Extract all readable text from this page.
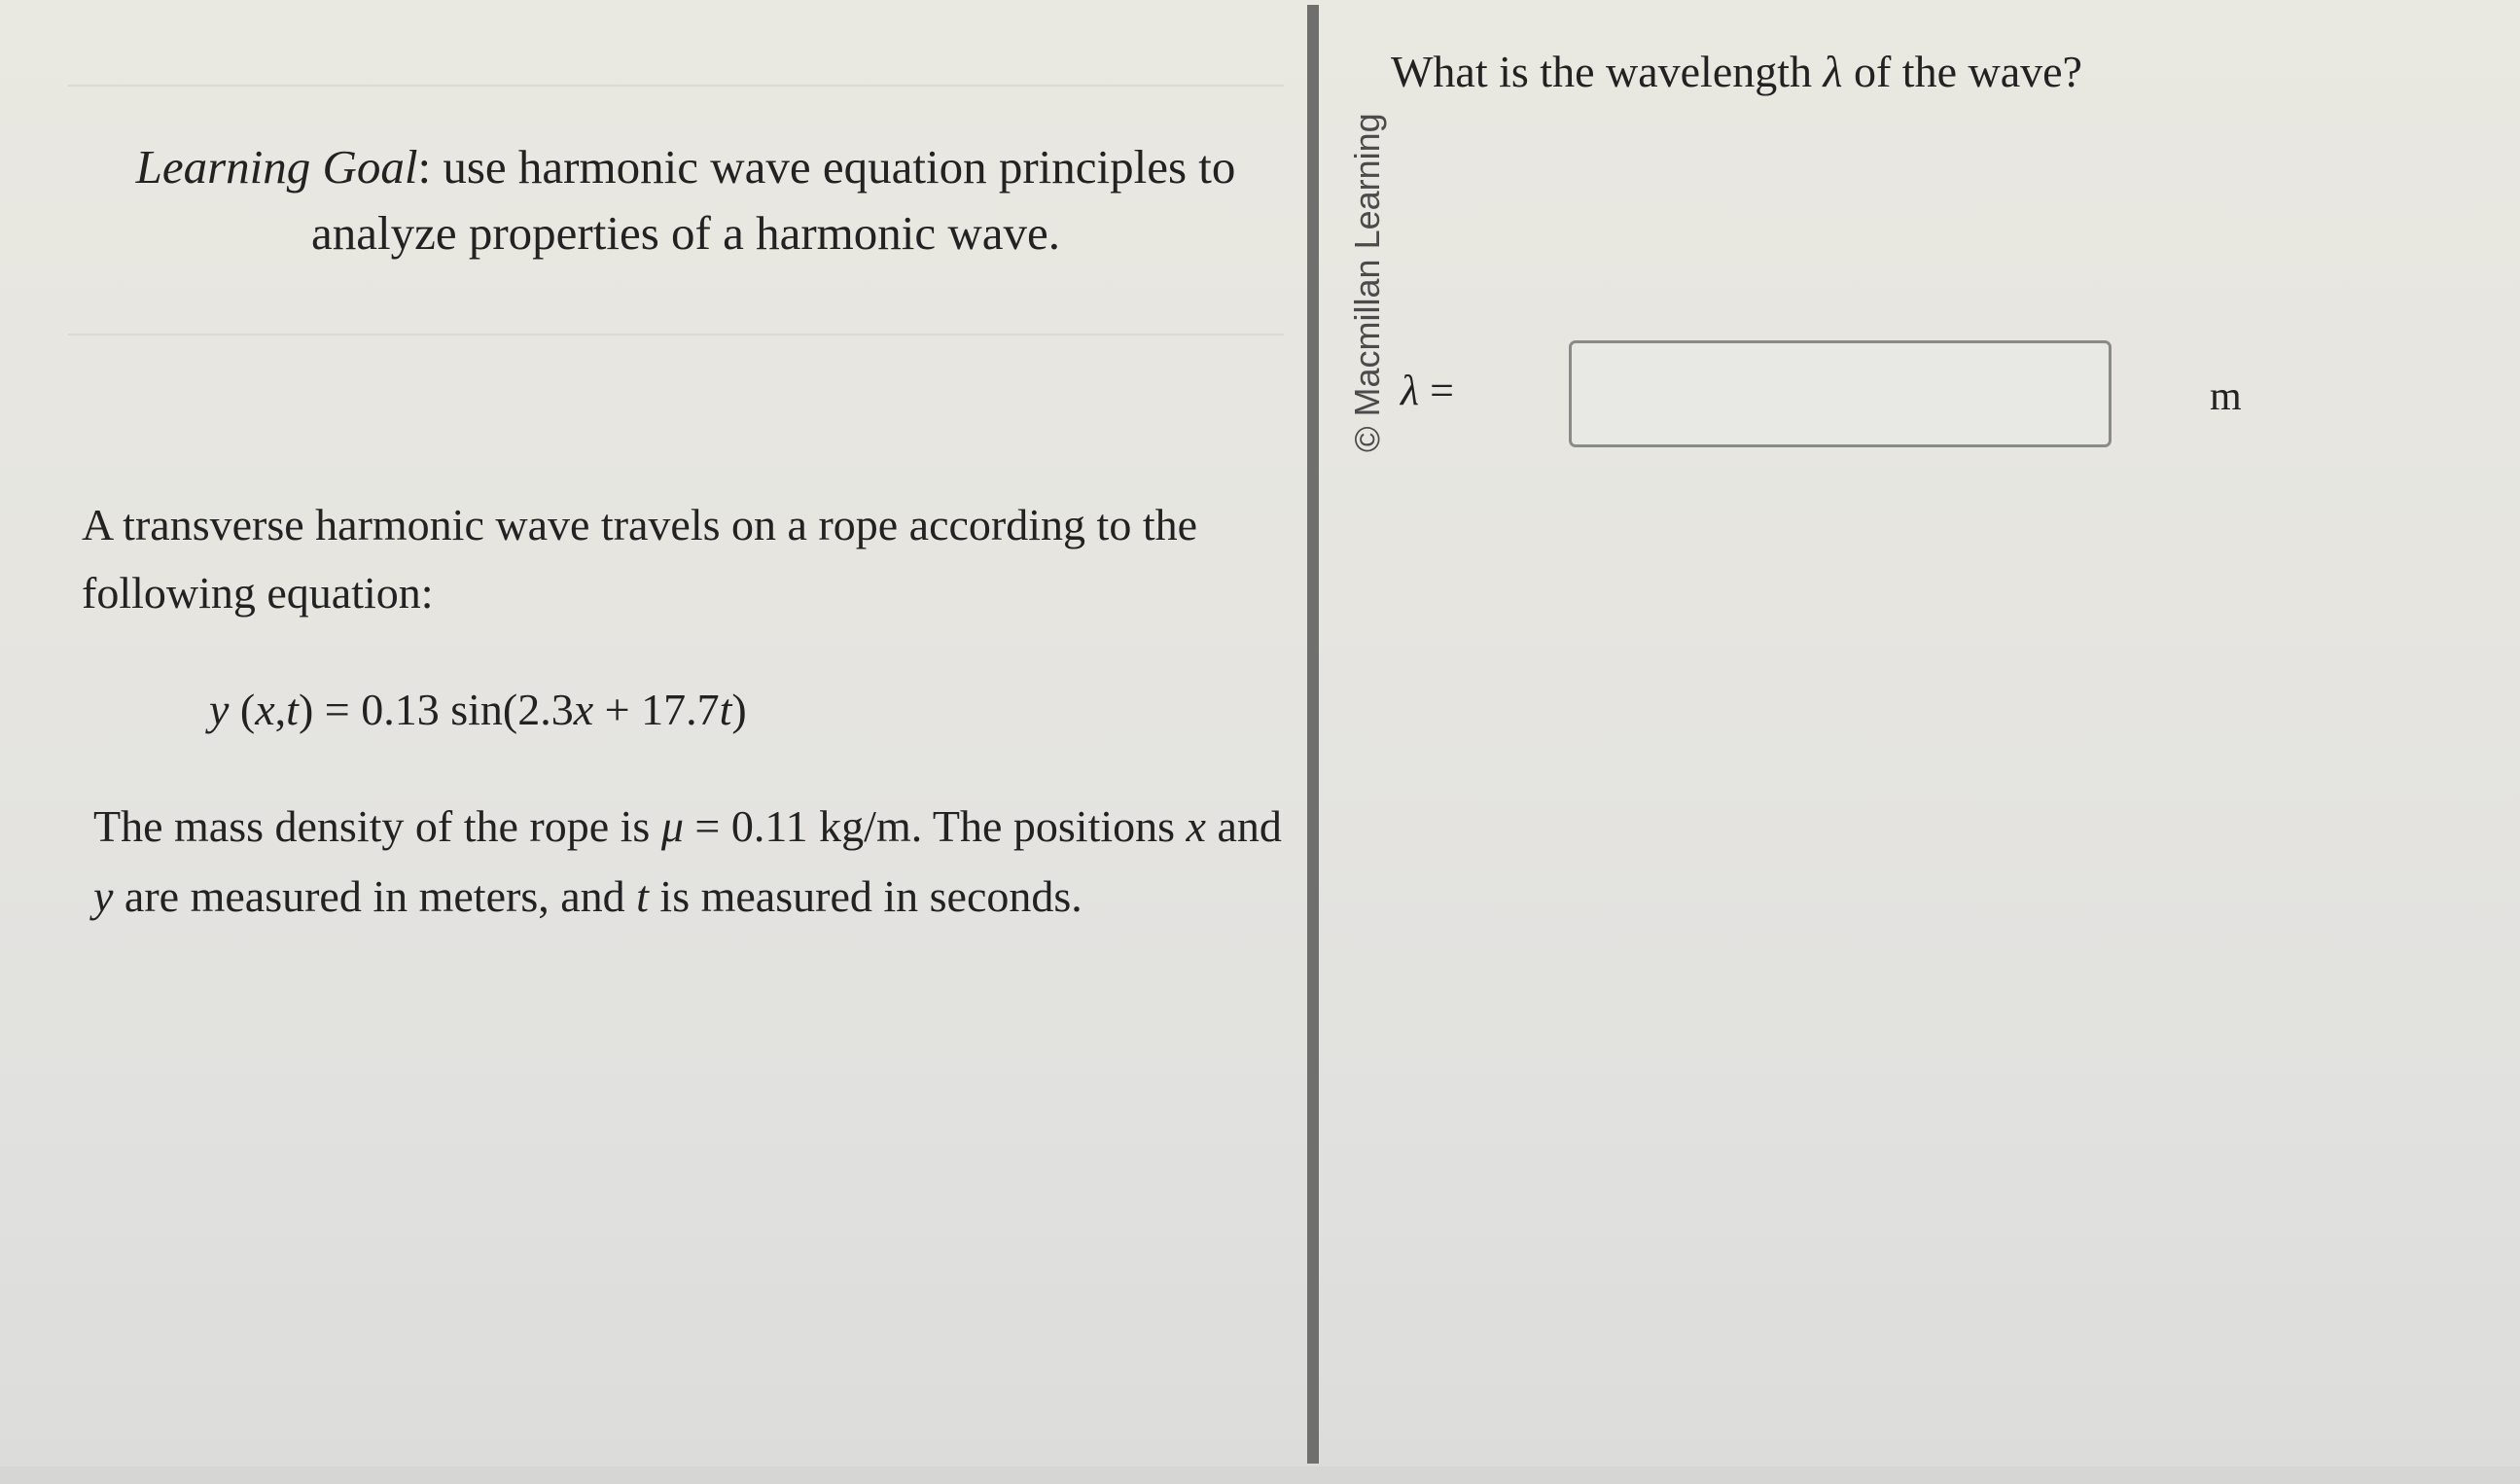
Learning Goal: use harmonic wave equation principles to
analyze properties of a harmonic wave.
A transverse harmonic wave travels on a rope according to the following equation:
y (x,t) = 0.13 sin(2.3x + 17.7t)
The mass density of the rope is μ = 0.11 kg/m. The positions x and y are measured in meters, and t is measured in seconds.
© Macmillan Learning
What is the wavelength λ of the wave?
λ =	m
